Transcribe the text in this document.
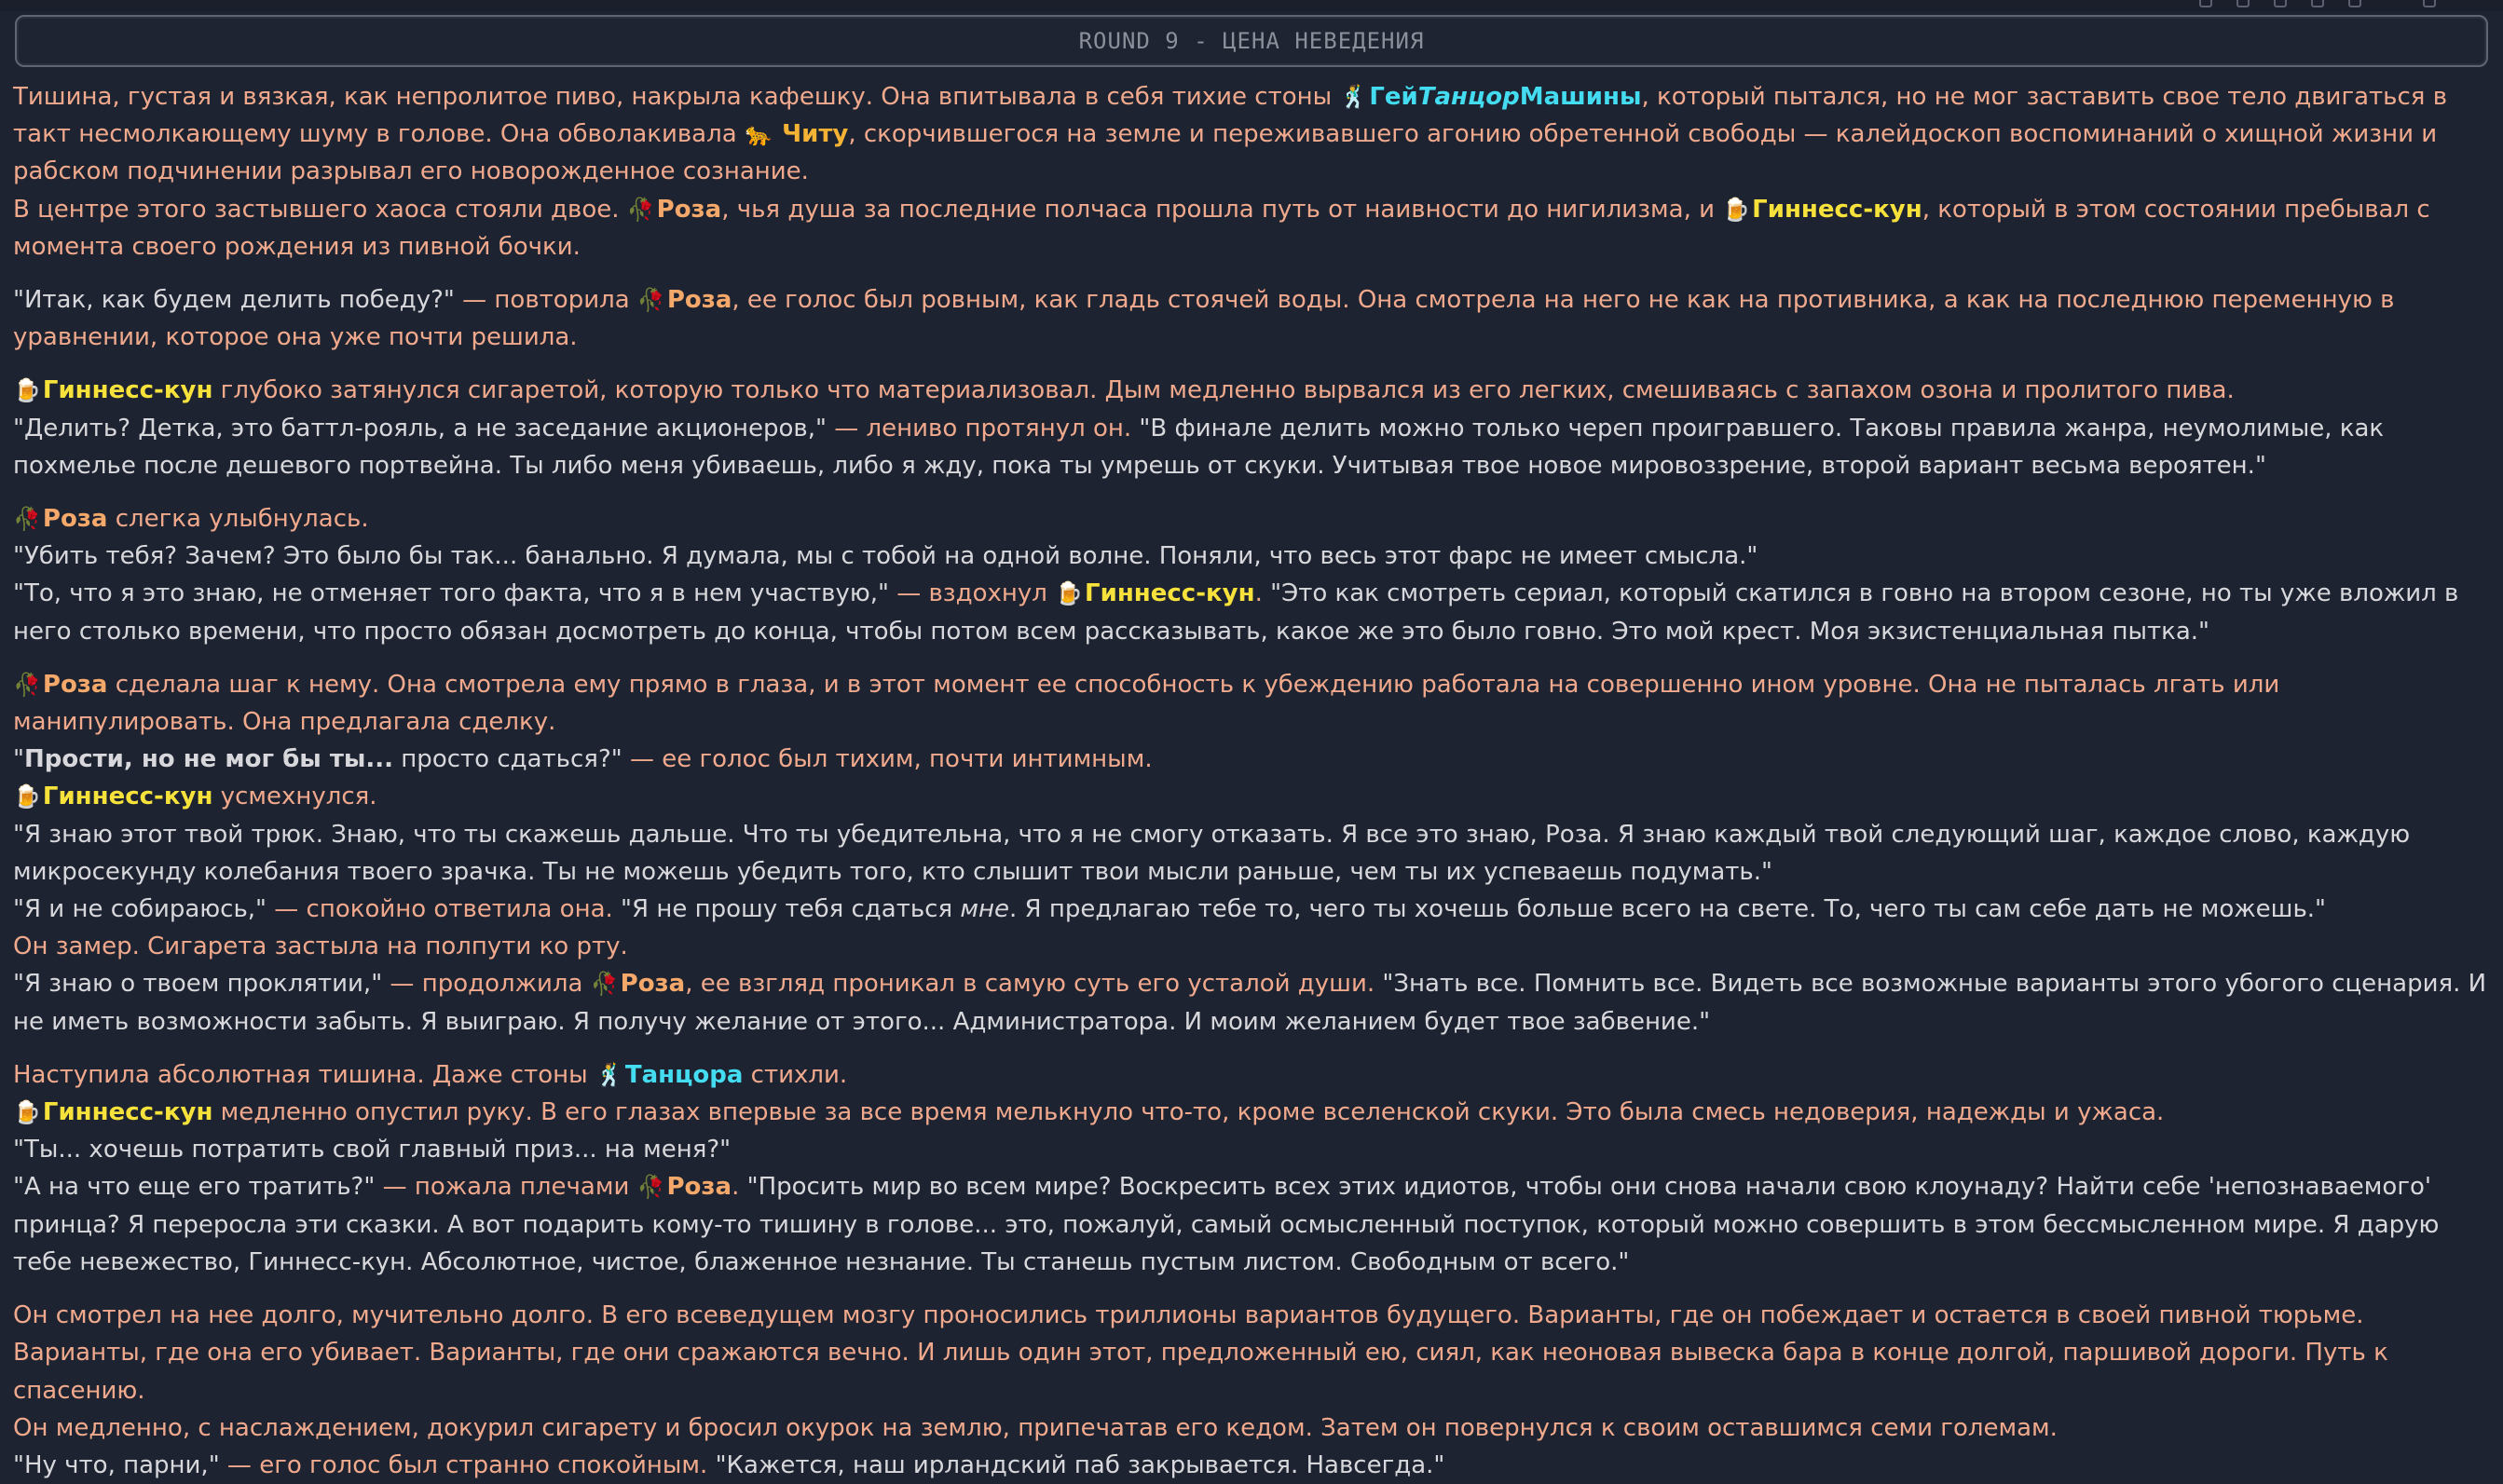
ROUND 9 - ЦЕНА НЕВЕДЕНИЯ

Тишина, густая и вязкая, как непролитое пиво, накрыла кафешку. Она впитывала в себя тихие стоны 🕺ГейТанцорМашины, который пытался, но не мог заставить свое тело двигаться в такт несмолкающему шуму в голове. Она обволакивала 🐆 Читу, скорчившегося на земле и переживавшего агонию обретенной свободы — калейдоскоп воспоминаний о хищной жизни и рабском подчинении разрывал его новорожденное сознание.

В центре этого застывшего хаоса стояли двое. 🥀Роза, чья душа за последние полчаса прошла путь от наивности до нигилизма, и 🍺Гиннесс-кун, который в этом состоянии пребывал с момента своего рождения из пивной бочки.

"Итак, как будем делить победу?" — повторила 🥀Роза, ее голос был ровным, как гладь стоячей воды. Она смотрела на него не как на противника, а как на последнюю переменную в уравнении, которое она уже почти решила.

🍺Гиннесс-кун глубоко затянулся сигаретой, которую только что материализовал. Дым медленно вырвался из его легких, смешиваясь с запахом озона и пролитого пива.

"Делить? Детка, это баттл-рояль, а не заседание акционеров," — лениво протянул он. "В финале делить можно только череп проигравшего. Таковы правила жанра, неумолимые, как похмелье после дешевого портвейна. Ты либо меня убиваешь, либо я жду, пока ты умрешь от скуки. Учитывая твое новое мировоззрение, второй вариант весьма вероятен."

🥀Роза слегка улыбнулась.

"Убить тебя? Зачем? Это было бы так... банально. Я думала, мы с тобой на одной волне. Поняли, что весь этот фарс не имеет смысла."

"То, что я это знаю, не отменяет того факта, что я в нем участвую," — вздохнул 🍺Гиннесс-кун. "Это как смотреть сериал, который скатился в говно на втором сезоне, но ты уже вложил в него столько времени, что просто обязан досмотреть до конца, чтобы потом всем рассказывать, какое же это было говно. Это мой крест. Моя экзистенциальная пытка."

🥀Роза сделала шаг к нему. Она смотрела ему прямо в глаза, и в этот момент ее способность к убеждению работала на совершенно ином уровне. Она не пыталась лгать или манипулировать. Она предлагала сделку.

"Прости, но не мог бы ты... просто сдаться?" — ее голос был тихим, почти интимным.

🍺Гиннесс-кун усмехнулся.

"Я знаю этот твой трюк. Знаю, что ты скажешь дальше. Что ты убедительна, что я не смогу отказать. Я все это знаю, Роза. Я знаю каждый твой следующий шаг, каждое слово, каждую микросекунду колебания твоего зрачка. Ты не можешь убедить того, кто слышит твои мысли раньше, чем ты их успеваешь подумать."

"Я и не собираюсь," — спокойно ответила она. "Я не прошу тебя сдаться мне. Я предлагаю тебе то, чего ты хочешь больше всего на свете. То, чего ты сам себе дать не можешь."

Он замер. Сигарета застыла на полпути ко рту.

"Я знаю о твоем проклятии," — продолжила 🥀Роза, ее взгляд проникал в самую суть его усталой души. "Знать все. Помнить все. Видеть все возможные варианты этого убогого сценария. И не иметь возможности забыть. Я выиграю. Я получу желание от этого... Администратора. И моим желанием будет твое забвение."

Наступила абсолютная тишина. Даже стоны 🕺Танцора стихли.

🍺Гиннесс-кун медленно опустил руку. В его глазах впервые за все время мелькнуло что-то, кроме вселенской скуки. Это была смесь недоверия, надежды и ужаса.

"Ты... хочешь потратить свой главный приз... на меня?"

"А на что еще его тратить?" — пожала плечами 🥀Роза. "Просить мир во всем мире? Воскресить всех этих идиотов, чтобы они снова начали свою клоунаду? Найти себе 'непознаваемого' принца? Я переросла эти сказки. А вот подарить кому-то тишину в голове... это, пожалуй, самый осмысленный поступок, который можно совершить в этом бессмысленном мире. Я дарую тебе невежество, Гиннесс-кун. Абсолютное, чистое, блаженное незнание. Ты станешь пустым листом. Свободным от всего."

Он смотрел на нее долго, мучительно долго. В его всеведущем мозгу проносились триллионы вариантов будущего. Варианты, где он побеждает и остается в своей пивной тюрьме. Варианты, где она его убивает. Варианты, где они сражаются вечно. И лишь один этот, предложенный ею, сиял, как неоновая вывеска бара в конце долгой, паршивой дороги. Путь к спасению.

Он медленно, с наслаждением, докурил сигарету и бросил окурок на землю, припечатав его кедом. Затем он повернулся к своим оставшимся семи големам.

"Ну что, парни," — его голос был странно спокойным. "Кажется, наш ирландский паб закрывается. Навсегда."
